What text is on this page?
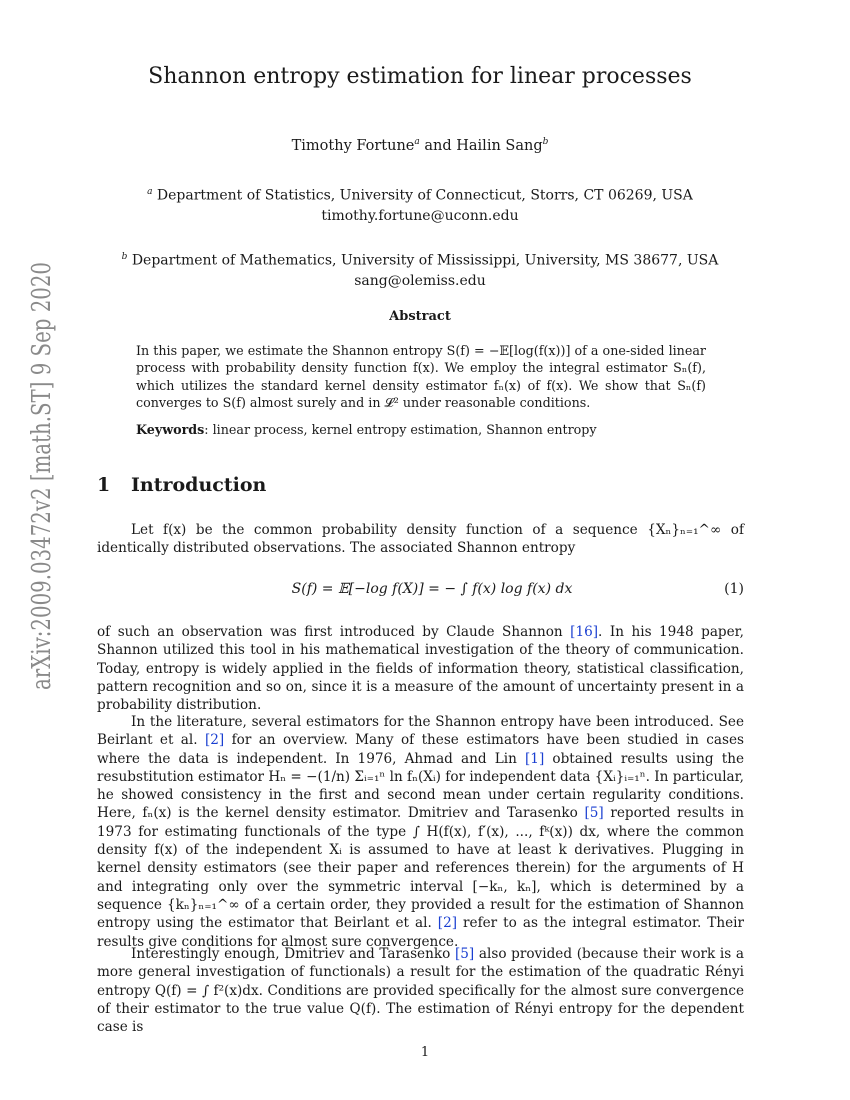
arXiv:2009.03472v2 [math.ST] 9 Sep 2020
Shannon entropy estimation for linear processes
Timothy Fortune$^a$ and Hailin Sang$^b$
$^a$ Department of Statistics, University of Connecticut, Storrs, CT 06269, USA
timothy.fortune@uconn.edu
$^b$ Department of Mathematics, University of Mississippi, University, MS 38677, USA
sang@olemiss.edu
Abstract
In this paper, we estimate the Shannon entropy S(f) = −𝔼[log(f(x))] of a one-sided linear process with probability density function f(x). We employ the integral estimator Sₙ(f), which utilizes the standard kernel density estimator fₙ(x) of f(x). We show that Sₙ(f) converges to S(f) almost surely and in 𝓛² under reasonable conditions.
Keywords: linear process, kernel entropy estimation, Shannon entropy
1 Introduction
Let f(x) be the common probability density function of a sequence {Xₙ}ₙ₌₁^∞ of identically distributed observations. The associated Shannon entropy
S(f) = 𝔼[−log f(X)] = − ∫ f(x) log f(x) dx	(1)
of such an observation was first introduced by Claude Shannon [16]. In his 1948 paper, Shannon utilized this tool in his mathematical investigation of the theory of communication. Today, entropy is widely applied in the fields of information theory, statistical classification, pattern recognition and so on, since it is a measure of the amount of uncertainty present in a probability distribution.
In the literature, several estimators for the Shannon entropy have been introduced. See Beirlant et al. [2] for an overview. Many of these estimators have been studied in cases where the data is independent. In 1976, Ahmad and Lin [1] obtained results using the resubstitution estimator Hₙ = −(1/n) Σᵢ₌₁ⁿ ln fₙ(Xᵢ) for independent data {Xᵢ}ᵢ₌₁ⁿ. In particular, he showed consistency in the first and second mean under certain regularity conditions. Here, fₙ(x) is the kernel density estimator. Dmitriev and Tarasenko [5] reported results in 1973 for estimating functionals of the type ∫ H(f(x), f′(x), ..., fᵏ(x)) dx, where the common density f(x) of the independent Xᵢ is assumed to have at least k derivatives. Plugging in kernel density estimators (see their paper and references therein) for the arguments of H and integrating only over the symmetric interval [−kₙ, kₙ], which is determined by a sequence {kₙ}ₙ₌₁^∞ of a certain order, they provided a result for the estimation of Shannon entropy using the estimator that Beirlant et al. [2] refer to as the integral estimator. Their results give conditions for almost sure convergence.
Interestingly enough, Dmitriev and Tarasenko [5] also provided (because their work is a more general investigation of functionals) a result for the estimation of the quadratic Rényi entropy Q(f) = ∫ f²(x)dx. Conditions are provided specifically for the almost sure convergence of their estimator to the true value Q(f). The estimation of Rényi entropy for the dependent case is
1
